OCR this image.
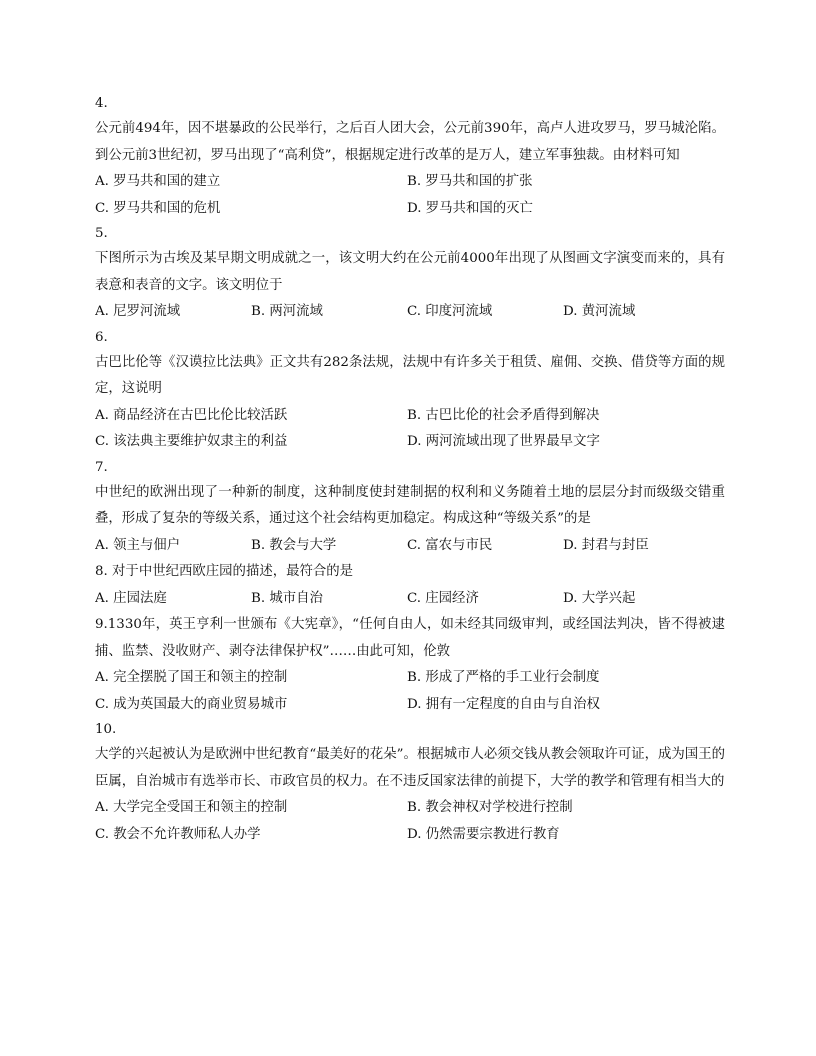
4.
公元前494年，因不堪暴政的公民举行，之后百人团大会，公元前390年，高卢人进攻罗马，罗马城沦陷。到公元前3世纪初，罗马出现了“高利贷”，根据规定进行改革的是万人，建立军事独裁。由材料可知
A. 罗马共和国的建立	B. 罗马共和国的扩张
C. 罗马共和国的危机	D. 罗马共和国的灭亡
5.
下图所示为古埃及某早期文明成就之一，该文明大约在公元前4000年出现了从图画文字演变而来的，具有表意和表音的文字。该文明位于
A. 尼罗河流域	B. 两河流域	C. 印度河流域	D. 黄河流域
6.
古巴比伦等《汉谟拉比法典》正文共有282条法规，法规中有许多关于租赁、雇佣、交换、借贷等方面的规定，这说明
A. 商品经济在古巴比伦比较活跃	B. 古巴比伦的社会矛盾得到解决
C. 该法典主要维护奴隶主的利益	D. 两河流域出现了世界最早文字
7.
中世纪的欧洲出现了一种新的制度，这种制度使封建制据的权利和义务随着土地的层层分封而级级交错重叠，形成了复杂的等级关系，通过这个社会结构更加稳定。构成这种“等级关系”的是
A. 领主与佃户	B. 教会与大学	C. 富农与市民	D. 封君与封臣
8. 对于中世纪西欧庄园的描述，最符合的是
A. 庄园法庭	B. 城市自治	C. 庄园经济	D. 大学兴起
9.1330年，英王亨利一世颁布《大宪章》，“任何自由人，如未经其同级审判，或经国法判决，皆不得被逮捕、监禁、没收财产、剥夺法律保护权”……由此可知，伦敦
A. 完全摆脱了国王和领主的控制	B. 形成了严格的手工业行会制度
C. 成为英国最大的商业贸易城市	D. 拥有一定程度的自由与自治权
10.
大学的兴起被认为是欧洲中世纪教育“最美好的花朵”。根据城市人必须交钱从教会领取许可证，成为国王的臣属，自治城市有选举市长、市政官员的权力。在不违反国家法律的前提下，大学的教学和管理有相当大的
A. 大学完全受国王和领主的控制	B. 教会神权对学校进行控制
C. 教会不允许教师私人办学	D. 仍然需要宗教进行教育
